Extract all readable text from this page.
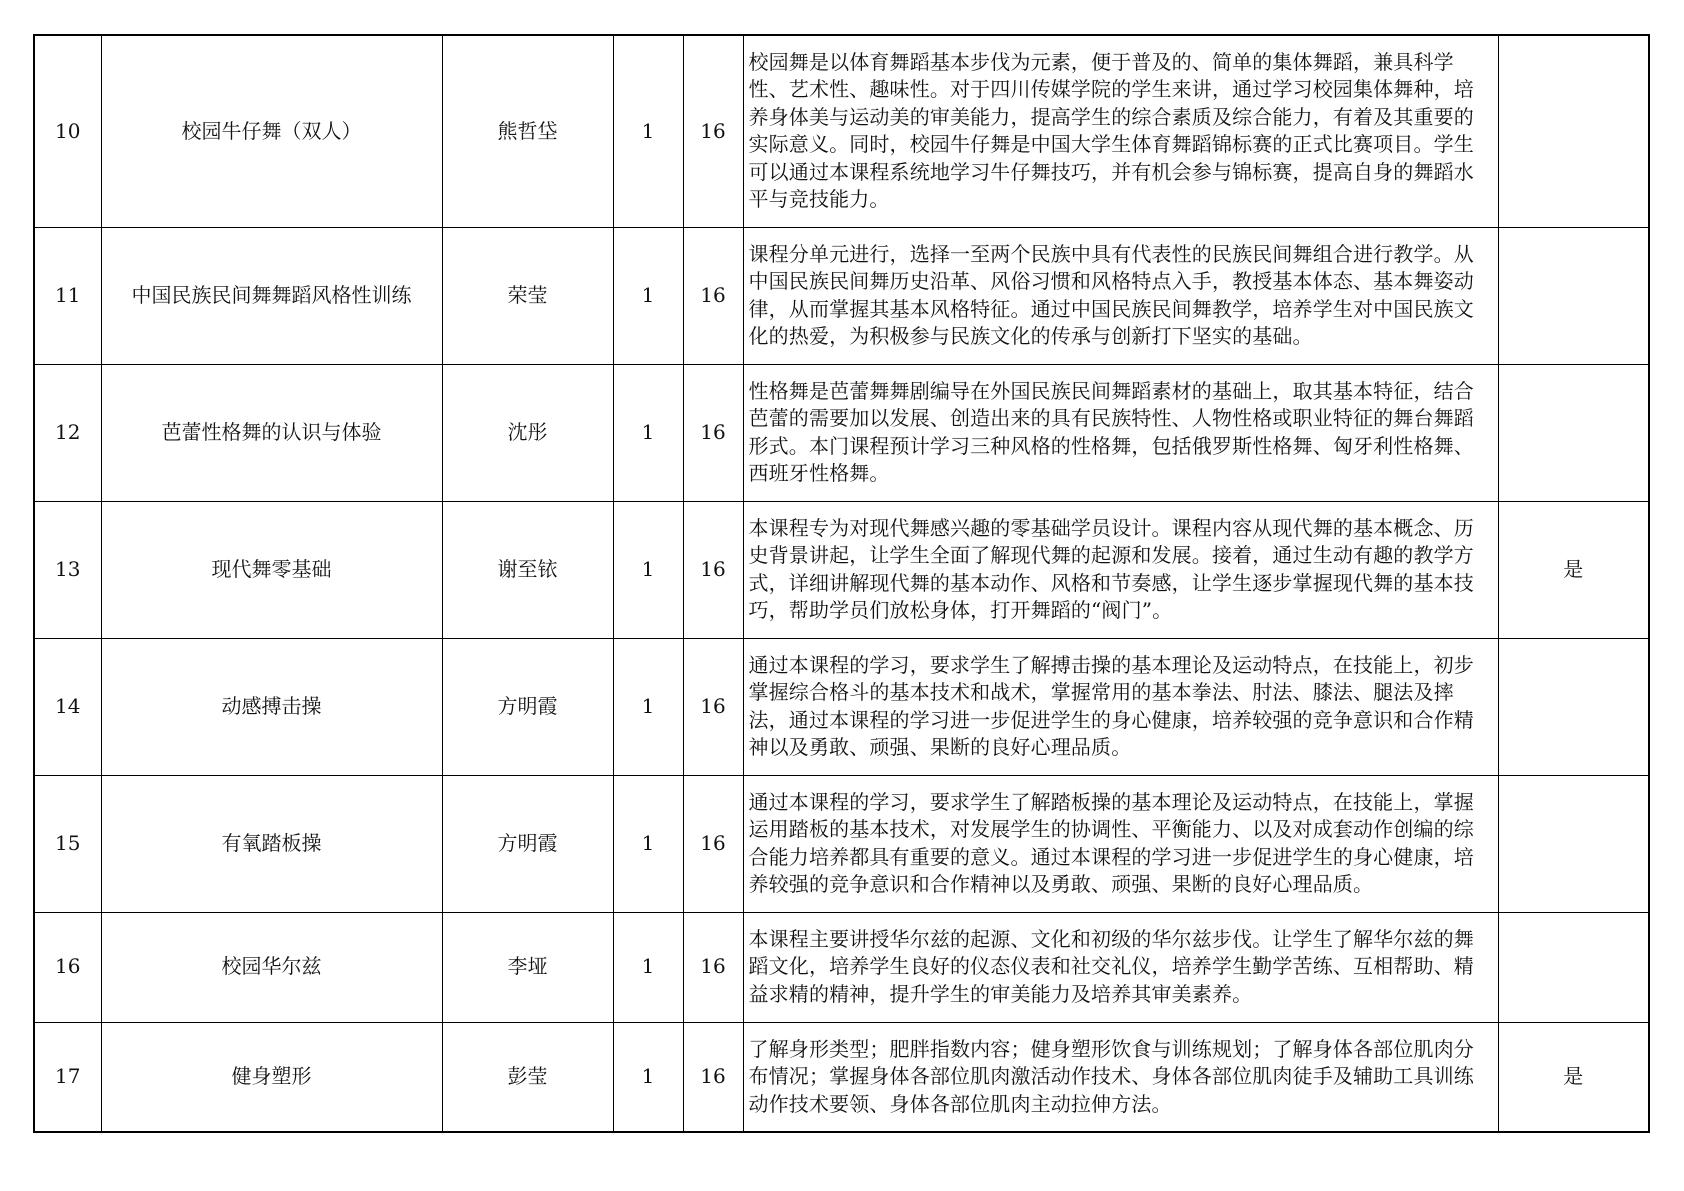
10	校园牛仔舞（双人）	熊哲垈	1	16	校园舞是以体育舞蹈基本步伐为元素，便于普及的、简单的集体舞蹈，兼具科学性、艺术性、趣味性。对于四川传媒学院的学生来讲，通过学习校园集体舞种，培养身体美与运动美的审美能力，提高学生的综合素质及综合能力，有着及其重要的实际意义。同时，校园牛仔舞是中国大学生体育舞蹈锦标赛的正式比赛项目。学生可以通过本课程系统地学习牛仔舞技巧，并有机会参与锦标赛，提高自身的舞蹈水平与竞技能力。	
11	中国民族民间舞舞蹈风格性训练	荣莹	1	16	课程分单元进行，选择一至两个民族中具有代表性的民族民间舞组合进行教学。从中国民族民间舞历史沿革、风俗习惯和风格特点入手，教授基本体态、基本舞姿动律，从而掌握其基本风格特征。通过中国民族民间舞教学，培养学生对中国民族文化的热爱，为积极参与民族文化的传承与创新打下坚实的基础。	
12	芭蕾性格舞的认识与体验	沈彤	1	16	性格舞是芭蕾舞舞剧编导在外国民族民间舞蹈素材的基础上，取其基本特征，结合芭蕾的需要加以发展、创造出来的具有民族特性、人物性格或职业特征的舞台舞蹈形式。本门课程预计学习三种风格的性格舞，包括俄罗斯性格舞、匈牙利性格舞、西班牙性格舞。	
13	现代舞零基础	谢至铱	1	16	本课程专为对现代舞感兴趣的零基础学员设计。课程内容从现代舞的基本概念、历史背景讲起，让学生全面了解现代舞的起源和发展。接着，通过生动有趣的教学方式，详细讲解现代舞的基本动作、风格和节奏感，让学生逐步掌握现代舞的基本技巧，帮助学员们放松身体，打开舞蹈的“阀门”。	是
14	动感搏击操	方明霞	1	16	通过本课程的学习，要求学生了解搏击操的基本理论及运动特点，在技能上，初步掌握综合格斗的基本技术和战术，掌握常用的基本拳法、肘法、膝法、腿法及摔法，通过本课程的学习进一步促进学生的身心健康，培养较强的竞争意识和合作精神以及勇敢、顽强、果断的良好心理品质。	
15	有氧踏板操	方明霞	1	16	通过本课程的学习，要求学生了解踏板操的基本理论及运动特点，在技能上，掌握运用踏板的基本技术，对发展学生的协调性、平衡能力、以及对成套动作创编的综合能力培养都具有重要的意义。通过本课程的学习进一步促进学生的身心健康，培养较强的竞争意识和合作精神以及勇敢、顽强、果断的良好心理品质。	
16	校园华尔兹	李垭	1	16	本课程主要讲授华尔兹的起源、文化和初级的华尔兹步伐。让学生了解华尔兹的舞蹈文化，培养学生良好的仪态仪表和社交礼仪，培养学生勤学苦练、互相帮助、精益求精的精神，提升学生的审美能力及培养其审美素养。	
17	健身塑形	彭莹	1	16	了解身形类型；肥胖指数内容；健身塑形饮食与训练规划；了解身体各部位肌肉分布情况；掌握身体各部位肌肉激活动作技术、身体各部位肌肉徒手及辅助工具训练动作技术要领、身体各部位肌肉主动拉伸方法。	是
